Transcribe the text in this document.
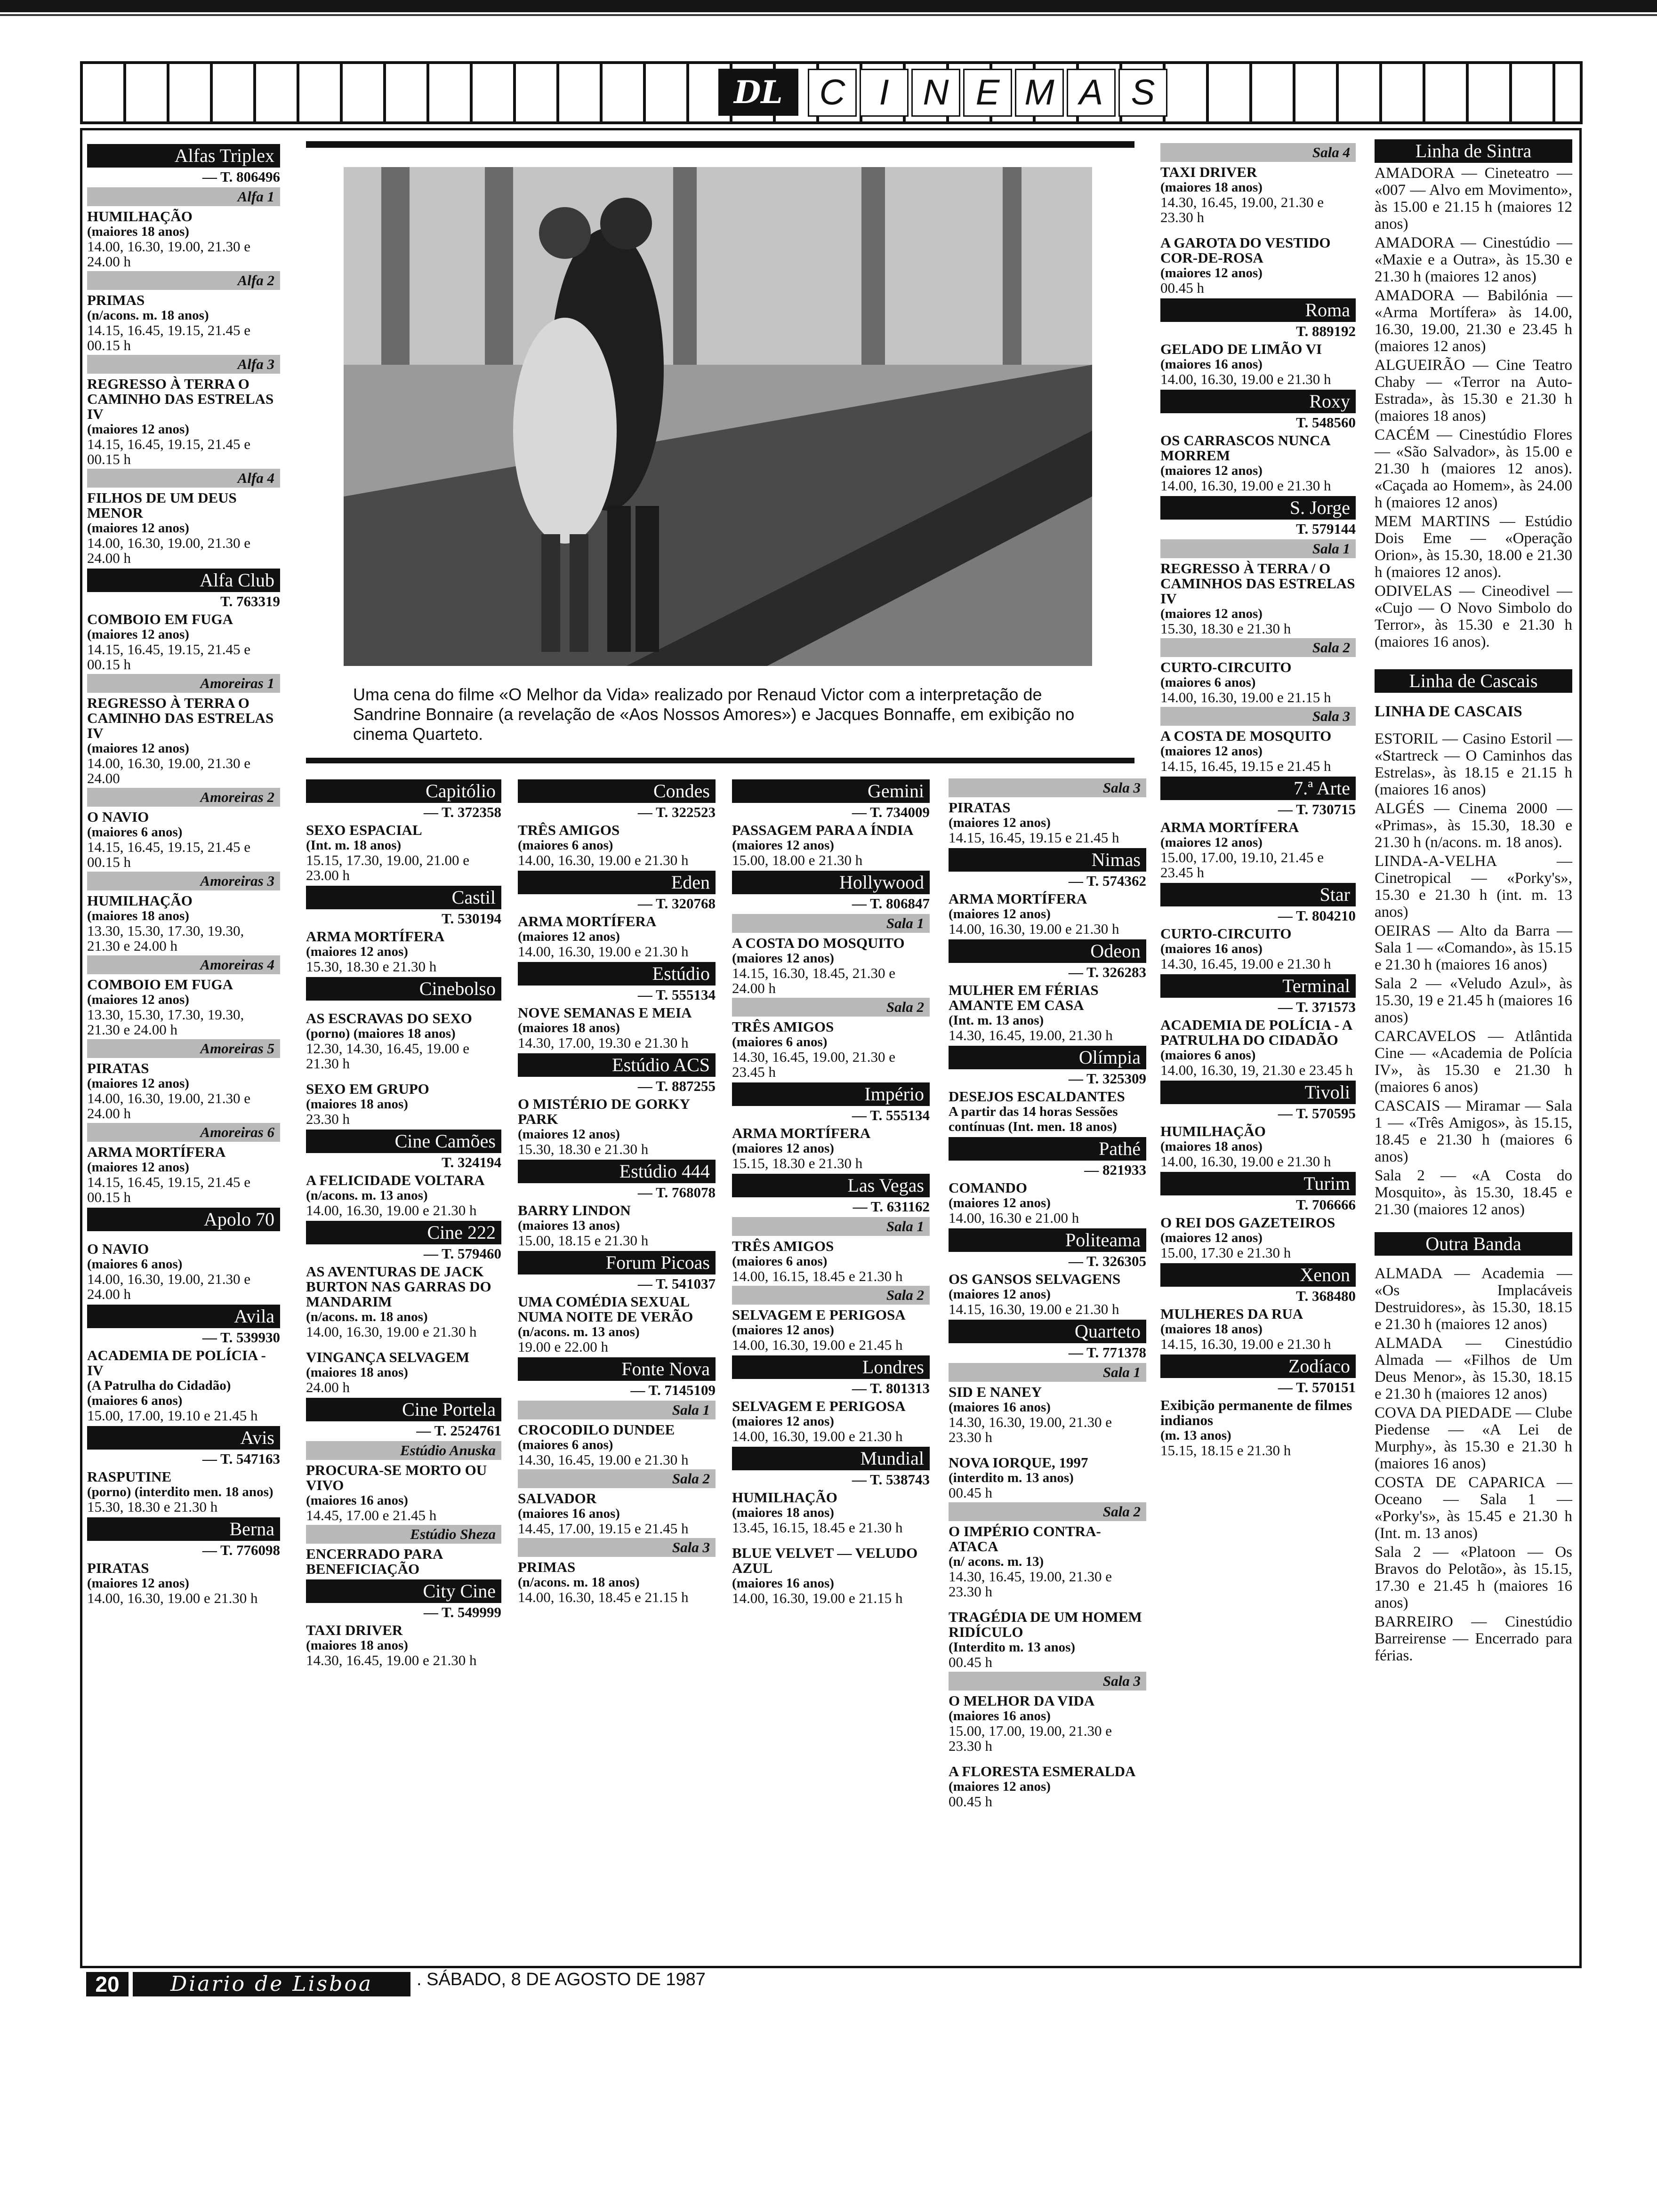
DL	C I N E M A S
Uma cena do filme «O Melhor da Vida» realizado por Renaud Victor com a interpretação de Sandrine Bonnaire (a revelação de «Aos Nossos Amores») e Jacques Bonnaffe, em exibição no cinema Quarteto.
Alfas Triplex
— T. 806496
Alfa 1
HUMILHAÇÃO
(maiores 18 anos)
14.00, 16.30, 19.00, 21.30 e 24.00 h
Alfa 2
PRIMAS
(n/acons. m. 18 anos)
14.15, 16.45, 19.15, 21.45 e 00.15 h
Alfa 3
REGRESSO À TERRA O CAMINHO DAS ESTRELAS IV
(maiores 12 anos)
14.15, 16.45, 19.15, 21.45 e 00.15 h
Alfa 4
FILHOS DE UM DEUS MENOR
(maiores 12 anos)
14.00, 16.30, 19.00, 21.30 e 24.00 h
Alfa Club
T. 763319
COMBOIO EM FUGA
(maiores 12 anos)
14.15, 16.45, 19.15, 21.45 e 00.15 h
Amoreiras 1
REGRESSO À TERRA O CAMINHO DAS ESTRELAS IV
(maiores 12 anos)
14.00, 16.30, 19.00, 21.30 e 24.00
Amoreiras 2
O NAVIO
(maiores 6 anos)
14.15, 16.45, 19.15, 21.45 e 00.15 h
Amoreiras 3
HUMILHAÇÃO
(maiores 18 anos)
13.30, 15.30, 17.30, 19.30, 21.30 e 24.00 h
Amoreiras 4
COMBOIO EM FUGA
(maiores 12 anos)
13.30, 15.30, 17.30, 19.30, 21.30 e 24.00 h
Amoreiras 5
PIRATAS
(maiores 12 anos)
14.00, 16.30, 19.00, 21.30 e 24.00 h
Amoreiras 6
ARMA MORTÍFERA
(maiores 12 anos)
14.15, 16.45, 19.15, 21.45 e 00.15 h
Apolo 70
O NAVIO
(maiores 6 anos)
14.00, 16.30, 19.00, 21.30 e 24.00 h
Avila
— T. 539930
ACADEMIA DE POLÍCIA - IV
(A Patrulha do Cidadão) (maiores 6 anos)
15.00, 17.00, 19.10 e 21.45 h
Avis
— T. 547163
RASPUTINE
(porno) (interdito men. 18 anos)
15.30, 18.30 e 21.30 h
Berna
— T. 776098
PIRATAS
(maiores 12 anos)
14.00, 16.30, 19.00 e 21.30 h
Capitólio
— T. 372358
SEXO ESPACIAL
(Int. m. 18 anos)
15.15, 17.30, 19.00, 21.00 e 23.00 h
Castil
T. 530194
ARMA MORTÍFERA
(maiores 12 anos)
15.30, 18.30 e 21.30 h
Cinebolso
AS ESCRAVAS DO SEXO
(porno) (maiores 18 anos)
12.30, 14.30, 16.45, 19.00 e 21.30 h
SEXO EM GRUPO
(maiores 18 anos)
23.30 h
Cine Camões
T. 324194
A FELICIDADE VOLTARA
(n/acons. m. 13 anos)
14.00, 16.30, 19.00 e 21.30 h
Cine 222
— T. 579460
AS AVENTURAS DE JACK BURTON NAS GARRAS DO MANDARIM
(n/acons. m. 18 anos)
14.00, 16.30, 19.00 e 21.30 h
VINGANÇA SELVAGEM
(maiores 18 anos)
24.00 h
Cine Portela
— T. 2524761
Estúdio Anuska
PROCURA-SE MORTO OU VIVO
(maiores 16 anos)
14.45, 17.00 e 21.45 h
Estúdio Sheza
ENCERRADO PARA BENEFICIAÇÃO
City Cine
— T. 549999
TAXI DRIVER
(maiores 18 anos)
14.30, 16.45, 19.00 e 21.30 h
Condes
— T. 322523
TRÊS AMIGOS
(maiores 6 anos)
14.00, 16.30, 19.00 e 21.30 h
Eden
— T. 320768
ARMA MORTÍFERA
(maiores 12 anos)
14.00, 16.30, 19.00 e 21.30 h
Estúdio
— T. 555134
NOVE SEMANAS E MEIA
(maiores 18 anos)
14.30, 17.00, 19.30 e 21.30 h
Estúdio ACS
— T. 887255
O MISTÉRIO DE GORKY PARK
(maiores 12 anos)
15.30, 18.30 e 21.30 h
Estúdio 444
— T. 768078
BARRY LINDON
(maiores 13 anos)
15.00, 18.15 e 21.30 h
Forum Picoas
— T. 541037
UMA COMÉDIA SEXUAL NUMA NOITE DE VERÃO
(n/acons. m. 13 anos)
19.00 e 22.00 h
Fonte Nova
— T. 7145109
Sala 1
CROCODILO DUNDEE
(maiores 6 anos)
14.30, 16.45, 19.00 e 21.30 h
Sala 2
SALVADOR
(maiores 16 anos)
14.45, 17.00, 19.15 e 21.45 h
Sala 3
PRIMAS
(n/acons. m. 18 anos)
14.00, 16.30, 18.45 e 21.15 h
Gemini
— T. 734009
PASSAGEM PARA A ÍNDIA
(maiores 12 anos)
15.00, 18.00 e 21.30 h
Hollywood
— T. 806847
Sala 1
A COSTA DO MOSQUITO
(maiores 12 anos)
14.15, 16.30, 18.45, 21.30 e 24.00 h
Sala 2
TRÊS AMIGOS
(maiores 6 anos)
14.30, 16.45, 19.00, 21.30 e 23.45 h
Império
— T. 555134
ARMA MORTÍFERA
(maiores 12 anos)
15.15, 18.30 e 21.30 h
Las Vegas
— T. 631162
Sala 1
TRÊS AMIGOS
(maiores 6 anos)
14.00, 16.15, 18.45 e 21.30 h
Sala 2
SELVAGEM E PERIGOSA
(maiores 12 anos)
14.00, 16.30, 19.00 e 21.45 h
Londres
— T. 801313
SELVAGEM E PERIGOSA
(maiores 12 anos)
14.00, 16.30, 19.00 e 21.30 h
Mundial
— T. 538743
HUMILHAÇÃO
(maiores 18 anos)
13.45, 16.15, 18.45 e 21.30 h
BLUE VELVET — VELUDO AZUL
(maiores 16 anos)
14.00, 16.30, 19.00 e 21.15 h
Sala 3
PIRATAS
(maiores 12 anos)
14.15, 16.45, 19.15 e 21.45 h
Nimas
— T. 574362
ARMA MORTÍFERA
(maiores 12 anos)
14.00, 16.30, 19.00 e 21.30 h
Odeon
— T. 326283
MULHER EM FÉRIAS AMANTE EM CASA
(Int. m. 13 anos)
14.30, 16.45, 19.00, 21.30 h
Olímpia
— T. 325309
DESEJOS ESCALDANTES
A partir das 14 horas Sessões contínuas (Int. men. 18 anos)
Pathé
— 821933
COMANDO
(maiores 12 anos)
14.00, 16.30 e 21.00 h
Politeama
— T. 326305
OS GANSOS SELVAGENS
(maiores 12 anos)
14.15, 16.30, 19.00 e 21.30 h
Quarteto
— T. 771378
Sala 1
SID E NANEY
(maiores 16 anos)
14.30, 16.30, 19.00, 21.30 e 23.30 h
NOVA IORQUE, 1997
(interdito m. 13 anos)
00.45 h
Sala 2
O IMPÉRIO CONTRA-ATACA
(n/ acons. m. 13)
14.30, 16.45, 19.00, 21.30 e 23.30 h
TRAGÉDIA DE UM HOMEM RIDÍCULO
(Interdito m. 13 anos)
00.45 h
Sala 3
O MELHOR DA VIDA
(maiores 16 anos)
15.00, 17.00, 19.00, 21.30 e 23.30 h
A FLORESTA ESMERALDA
(maiores 12 anos)
00.45 h
Sala 4
TAXI DRIVER
(maiores 18 anos)
14.30, 16.45, 19.00, 21.30 e 23.30 h
A GAROTA DO VESTIDO COR-DE-ROSA
(maiores 12 anos)
00.45 h
Roma
T. 889192
GELADO DE LIMÃO VI
(maiores 16 anos)
14.00, 16.30, 19.00 e 21.30 h
Roxy
T. 548560
OS CARRASCOS NUNCA MORREM
(maiores 12 anos)
14.00, 16.30, 19.00 e 21.30 h
S. Jorge
T. 579144
Sala 1
REGRESSO À TERRA / O CAMINHOS DAS ESTRELAS IV
(maiores 12 anos)
15.30, 18.30 e 21.30 h
Sala 2
CURTO-CIRCUITO
(maiores 6 anos)
14.00, 16.30, 19.00 e 21.15 h
Sala 3
A COSTA DE MOSQUITO
(maiores 12 anos)
14.15, 16.45, 19.15 e 21.45 h
7.ª Arte
— T. 730715
ARMA MORTÍFERA
(maiores 12 anos)
15.00, 17.00, 19.10, 21.45 e 23.45 h
Star
— T. 804210
CURTO-CIRCUITO
(maiores 16 anos)
14.30, 16.45, 19.00 e 21.30 h
Terminal
— T. 371573
ACADEMIA DE POLÍCIA - A PATRULHA DO CIDADÃO
(maiores 6 anos)
14.00, 16.30, 19, 21.30 e 23.45 h
Tivoli
— T. 570595
HUMILHAÇÃO
(maiores 18 anos)
14.00, 16.30, 19.00 e 21.30 h
Turim
T. 706666
O REI DOS GAZETEIROS
(maiores 12 anos)
15.00, 17.30 e 21.30 h
Xenon
T. 368480
MULHERES DA RUA
(maiores 18 anos)
14.15, 16.30, 19.00 e 21.30 h
Zodíaco
— T. 570151
Exibição permanente de filmes indianos
(m. 13 anos)
15.15, 18.15 e 21.30 h
Linha de Sintra
AMADORA — Cineteatro — «007 — Alvo em Movimento», às 15.00 e 21.15 h (maiores 12 anos)
AMADORA — Cinestúdio — «Maxie e a Outra», às 15.30 e 21.30 h (maiores 12 anos)
AMADORA — Babilónia — «Arma Mortífera» às 14.00, 16.30, 19.00, 21.30 e 23.45 h (maiores 12 anos)
ALGUEIRÃO — Cine Teatro Chaby — «Terror na Auto-Estrada», às 15.30 e 21.30 h (maiores 18 anos)
CACÉM — Cinestúdio Flores — «São Salvador», às 15.00 e 21.30 h (maiores 12 anos). «Caçada ao Homem», às 24.00 h (maiores 12 anos)
MEM MARTINS — Estúdio Dois Eme — «Operação Orion», às 15.30, 18.00 e 21.30 h (maiores 12 anos).
ODIVELAS — Cineodivel — «Cujo — O Novo Simbolo do Terror», às 15.30 e 21.30 h (maiores 16 anos).
Linha de Cascais
LINHA DE CASCAIS
ESTORIL — Casino Estoril — «Startreck — O Caminhos das Estrelas», às 18.15 e 21.15 h (maiores 16 anos)
ALGÉS — Cinema 2000 — «Primas», às 15.30, 18.30 e 21.30 h (n/acons. m. 18 anos).
LINDA-A-VELHA — Cinetropical — «Porky's», 15.30 e 21.30 h (int. m. 13 anos)
OEIRAS — Alto da Barra — Sala 1 — «Comando», às 15.15 e 21.30 h (maiores 16 anos)
Sala 2 — «Veludo Azul», às 15.30, 19 e 21.45 h (maiores 16 anos)
CARCAVELOS — Atlântida Cine — «Academia de Polícia IV», às 15.30 e 21.30 h (maiores 6 anos)
CASCAIS — Miramar — Sala 1 — «Três Amigos», às 15.15, 18.45 e 21.30 h (maiores 6 anos)
Sala 2 — «A Costa do Mosquito», às 15.30, 18.45 e 21.30 (maiores 12 anos)
Outra Banda
ALMADA — Academia — «Os Implacáveis Destruidores», às 15.30, 18.15 e 21.30 h (maiores 12 anos)
ALMADA — Cinestúdio Almada — «Filhos de Um Deus Menor», às 15.30, 18.15 e 21.30 h (maiores 12 anos)
COVA DA PIEDADE — Clube Piedense — «A Lei de Murphy», às 15.30 e 21.30 h (maiores 16 anos)
COSTA DE CAPARICA — Oceano — Sala 1 — «Porky's», às 15.45 e 21.30 h (Int. m. 13 anos)
Sala 2 — «Platoon — Os Bravos do Pelotão», às 15.15, 17.30 e 21.45 h (maiores 16 anos)
BARREIRO — Cinestúdio Barreirense — Encerrado para férias.
20	Diario de Lisboa	. SÁBADO, 8 DE AGOSTO DE 1987
